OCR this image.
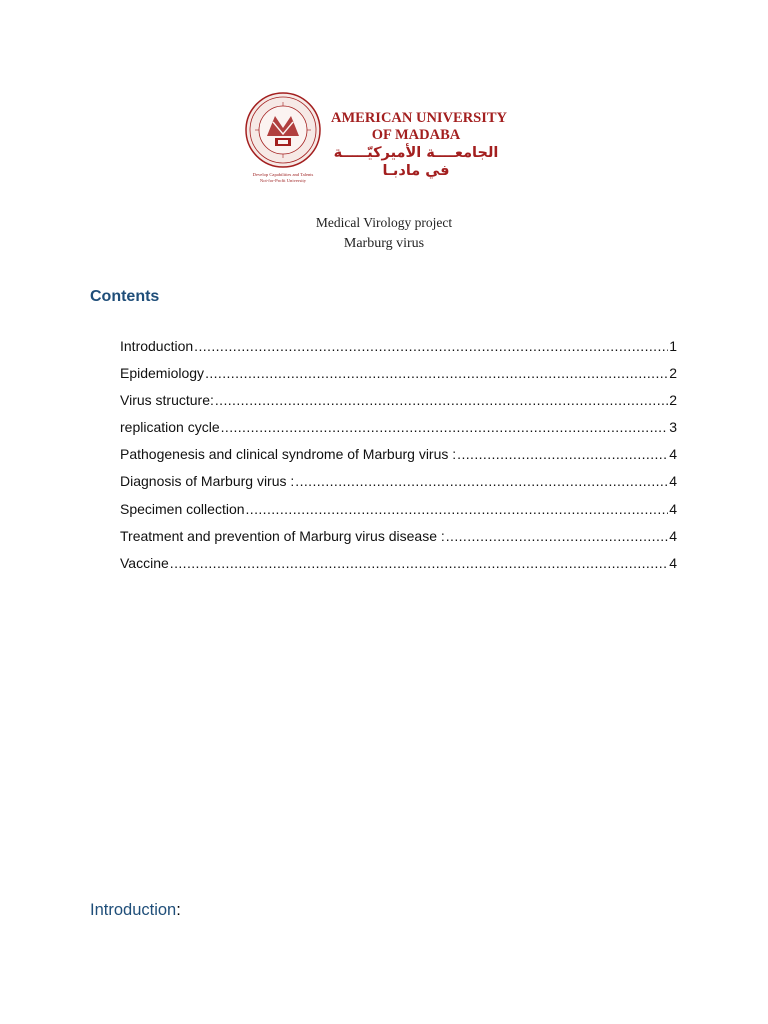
Develop Capabilities and Talents
Not-for-Profit University
AMERICAN UNIVERSITY
OF MADABA
الجامعــــة الأميركيّـــــة
في مادبـا
Medical Virology project
Marburg virus
Contents
Introduction .....	1
Epidemiology .....	2
Virus structure: .....	2
replication cycle .....	3
Pathogenesis and clinical syndrome of Marburg virus : .....	4
Diagnosis of Marburg virus : .....	4
Specimen collection .....	4
Treatment and prevention of Marburg virus disease : .....	4
Vaccine .....	4
Introduction:
